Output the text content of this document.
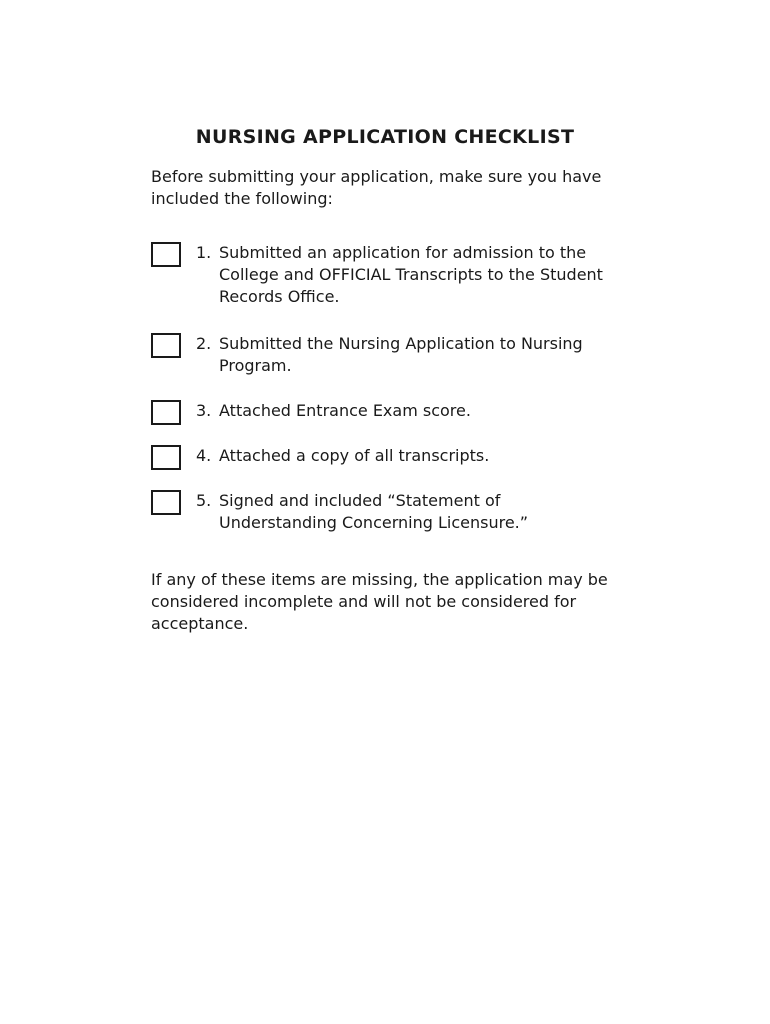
NURSING APPLICATION CHECKLIST
Before submitting your application, make sure you have included the following:
1. Submitted an application for admission to the College and OFFICIAL Transcripts to the Student Records Office.
2. Submitted the Nursing Application to Nursing Program.
3. Attached Entrance Exam score.
4. Attached a copy of all transcripts.
5. Signed and included “Statement of Understanding Concerning Licensure.”
If any of these items are missing, the application may be considered incomplete and will not be considered for acceptance.
